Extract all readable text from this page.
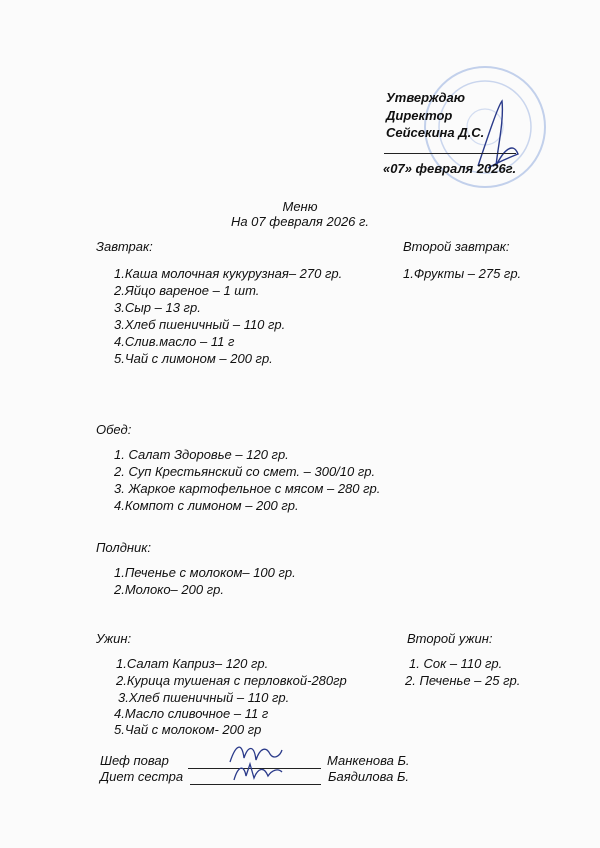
Утверждаю
Директор
Сейсекина Д.С.
«07» февраля 2026г.
Меню
На 07 февраля 2026 г.
Завтрак:
1.Каша молочная кукурузная– 270 гр.
2.Яйцо вареное – 1 шт.
3.Сыр – 13 гр.
3.Хлеб пшеничный – 110 гр.
4.Слив.масло – 11 г
5.Чай с лимоном – 200 гр.
Второй завтрак:
1.Фрукты – 275 гр.
Обед:
1. Салат Здоровье – 120 гр.
2. Суп Крестьянский со смет. – 300/10 гр.
3. Жаркое картофельное с мясом – 280 гр.
4.Компот с лимоном – 200 гр.
Полдник:
1.Печенье с молоком– 100 гр.
2.Молоко– 200 гр.
Ужин:
1.Салат Каприз– 120 гр.
2.Курица тушеная с перловкой-280гр
3.Хлеб пшеничный – 110 гр.
4.Масло сливочное – 11 г
5.Чай с молоком- 200 гр
Второй ужин:
1. Сок – 110 гр.
2. Печенье – 25 гр.
Шеф повар	Манкенова Б.
Диет сестра	Баядилова Б.
